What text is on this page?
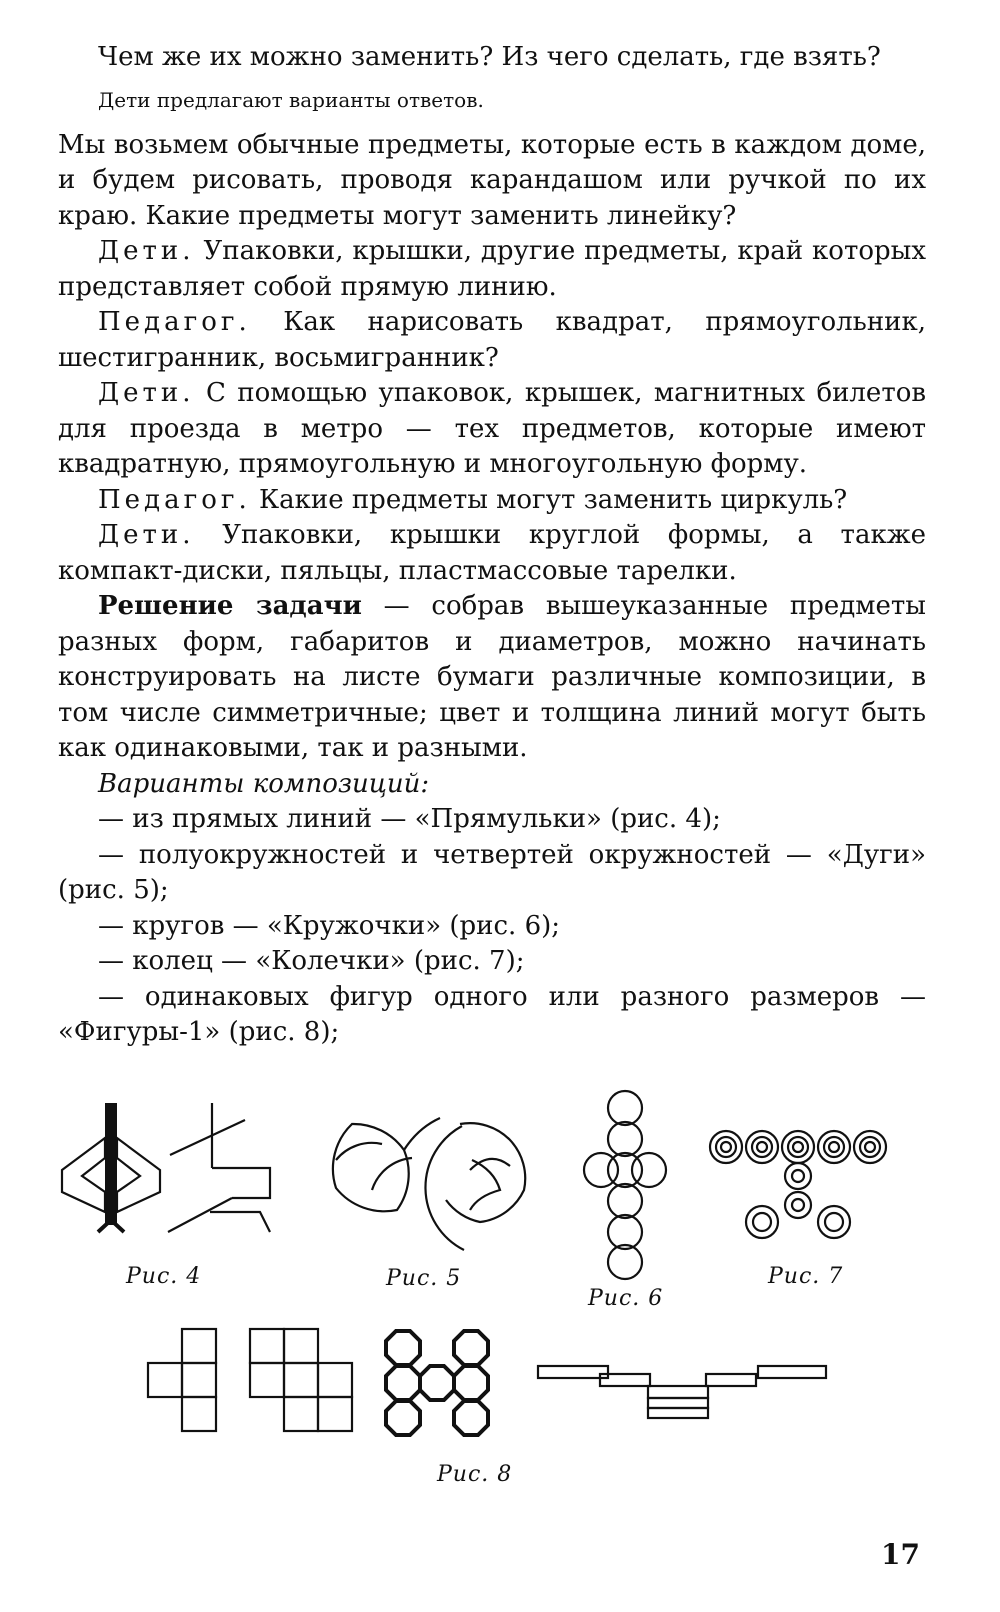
Чем же их можно заменить? Из чего сделать, где взять?

Дети предлагают варианты ответов.

Мы возьмем обычные предметы, которые есть в каждом доме, и будем рисовать, проводя карандашом или ручкой по их краю. Какие предметы могут заменить линейку?

Дети. Упаковки, крышки, другие предметы, край которых представляет собой прямую линию.

Педагог. Как нарисовать квадрат, прямоугольник, шестигранник, восьмигранник?

Дети. С помощью упаковок, крышек, магнитных билетов для проезда в метро — тех предметов, которые имеют квадратную, прямоугольную и многоугольную форму.

Педагог. Какие предметы могут заменить циркуль?

Дети. Упаковки, крышки круглой формы, а также компакт-диски, пяльцы, пластмассовые тарелки.

Решение задачи — собрав вышеуказанные предметы разных форм, габаритов и диаметров, можно начинать конструировать на листе бумаги различные композиции, в том числе симметричные; цвет и толщина линий могут быть как одинаковыми, так и разными.

Варианты композиций:

— из прямых линий — «Прямульки» (рис. 4);

— полуокружностей и четвертей окружностей — «Дуги» (рис. 5);

— кругов — «Кружочки» (рис. 6);

— колец — «Колечки» (рис. 7);

— одинаковых фигур одного или разного размеров — «Фигуры-1» (рис. 8);

Рис. 4	Рис. 5
Рис. 6
Рис. 7
Рис. 8
17
